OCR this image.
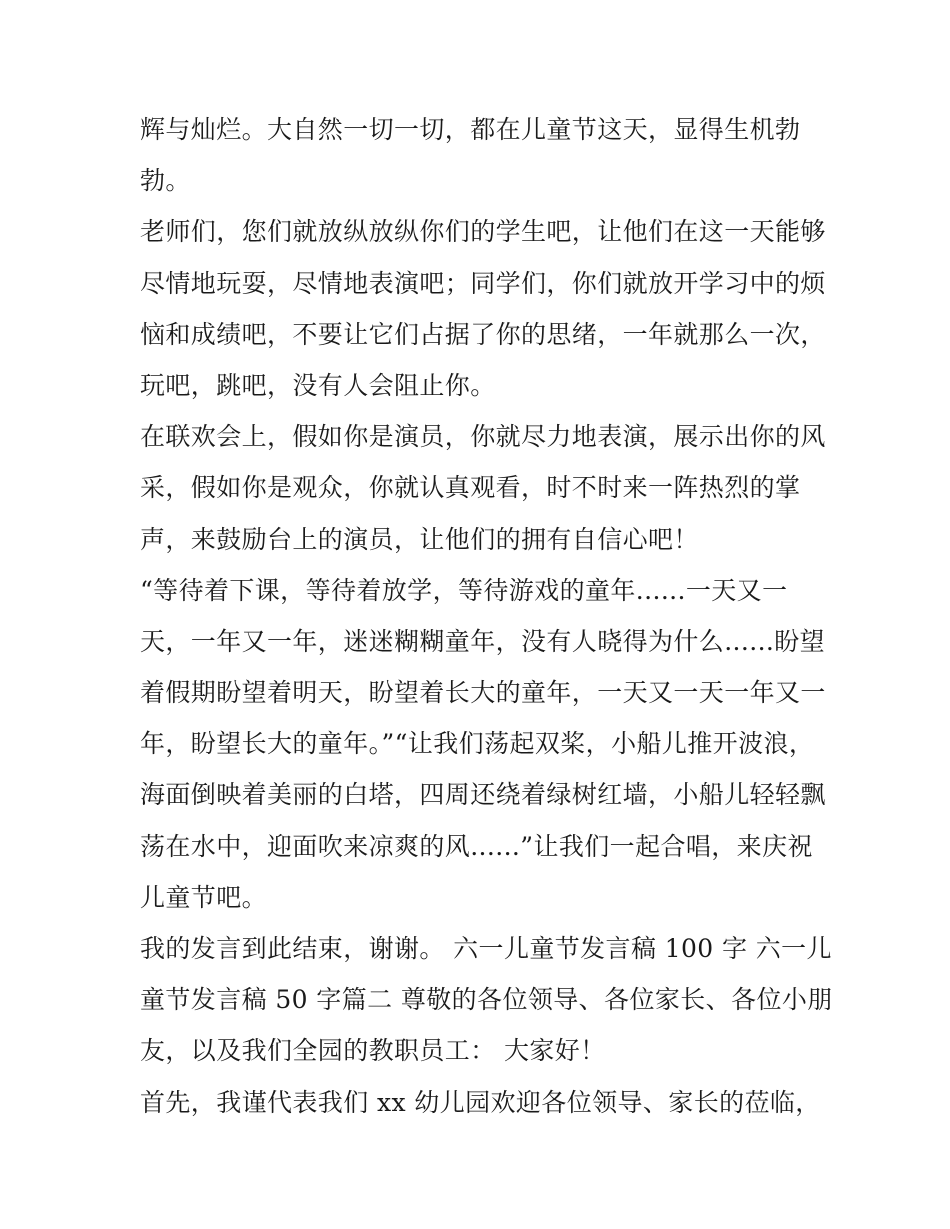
辉与灿烂。大自然一切一切，都在儿童节这天，显得生机勃
勃。
老师们，您们就放纵放纵你们的学生吧，让他们在这一天能够
尽情地玩耍，尽情地表演吧；同学们，你们就放开学习中的烦
恼和成绩吧，不要让它们占据了你的思绪，一年就那么一次，
玩吧，跳吧，没有人会阻止你。
在联欢会上，假如你是演员，你就尽力地表演，展示出你的风
采，假如你是观众，你就认真观看，时不时来一阵热烈的掌
声，来鼓励台上的演员，让他们的拥有自信心吧！
“等待着下课，等待着放学，等待游戏的童年......一天又一
天，一年又一年，迷迷糊糊童年，没有人晓得为什么......盼望
着假期盼望着明天，盼望着长大的童年，一天又一天一年又一
年，盼望长大的童年。”“让我们荡起双桨，小船儿推开波浪，
海面倒映着美丽的白塔，四周还绕着绿树红墙，小船儿轻轻飘
荡在水中，迎面吹来凉爽的风......”让我们一起合唱，来庆祝
儿童节吧。
我的发言到此结束，谢谢。 六一儿童节发言稿 100 字 六一儿
童节发言稿 50 字篇二 尊敬的各位领导、各位家长、各位小朋
友，以及我们全园的教职员工： 大家好！
首先，我谨代表我们 xx 幼儿园欢迎各位领导、家长的莅临，
